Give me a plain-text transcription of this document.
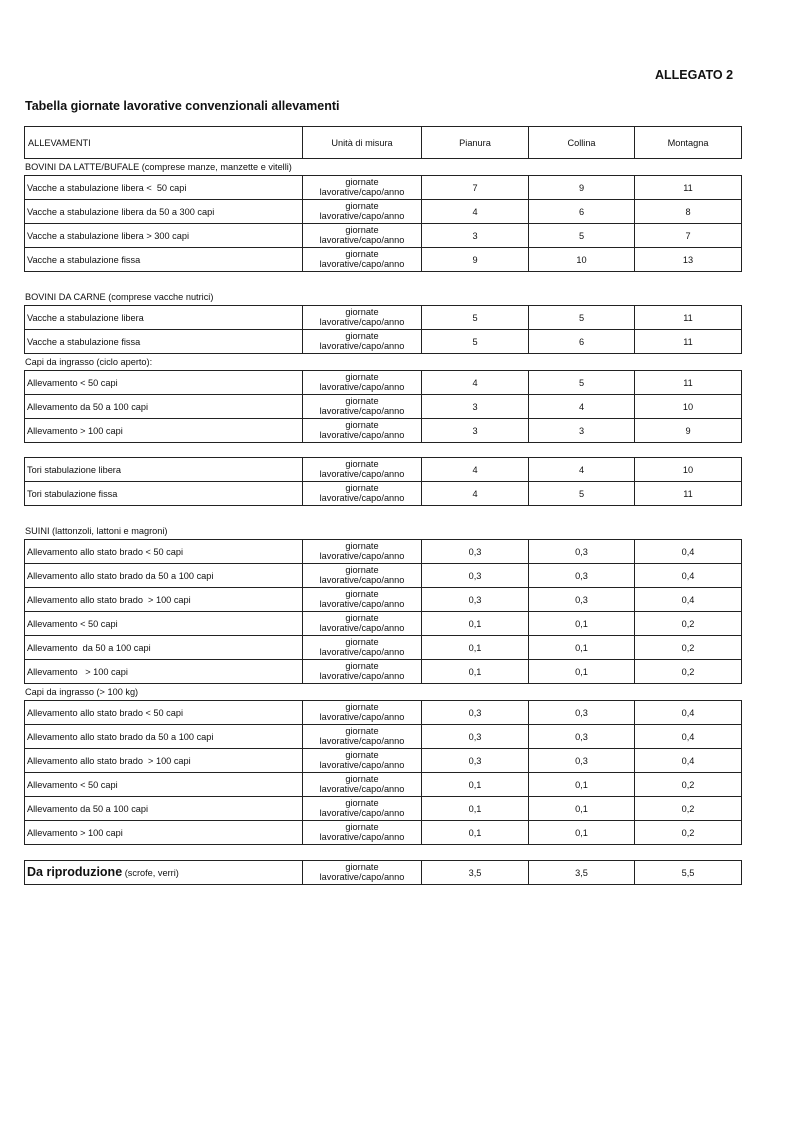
ALLEGATO 2
Tabella giornate lavorative convenzionali allevamenti
ALLEVAMENTI	Unità di misura	Pianura	Collina	Montagna
BOVINI DA LATTE/BUFALE (comprese manze, manzette e vitelli)
Vacche a stabulazione libera <  50 capi	giornate lavorative/capo/anno	7	9	11
Vacche a stabulazione libera da 50 a 300 capi	giornate lavorative/capo/anno	4	6	8
Vacche a stabulazione libera > 300 capi	giornate lavorative/capo/anno	3	5	7
Vacche a stabulazione fissa	giornate lavorative/capo/anno	9	10	13
BOVINI DA CARNE (comprese vacche nutrici)
Vacche a stabulazione libera	giornate lavorative/capo/anno	5	5	11
Vacche a stabulazione fissa	giornate lavorative/capo/anno	5	6	11
Capi da ingrasso (ciclo aperto):
Allevamento < 50 capi	giornate lavorative/capo/anno	4	5	11
Allevamento da 50 a 100 capi	giornate lavorative/capo/anno	3	4	10
Allevamento > 100 capi	giornate lavorative/capo/anno	3	3	9
Tori stabulazione libera	giornate lavorative/capo/anno	4	4	10
Tori stabulazione fissa	giornate lavorative/capo/anno	4	5	11
SUINI (lattonzoli, lattoni e magroni)
Allevamento allo stato brado < 50 capi	giornate lavorative/capo/anno	0,3	0,3	0,4
Allevamento allo stato brado da 50 a 100 capi	giornate lavorative/capo/anno	0,3	0,3	0,4
Allevamento allo stato brado  > 100 capi	giornate lavorative/capo/anno	0,3	0,3	0,4
Allevamento < 50 capi	giornate lavorative/capo/anno	0,1	0,1	0,2
Allevamento  da 50 a 100 capi	giornate lavorative/capo/anno	0,1	0,1	0,2
Allevamento   > 100 capi	giornate lavorative/capo/anno	0,1	0,1	0,2
Capi da ingrasso (> 100 kg)
Allevamento allo stato brado < 50 capi	giornate lavorative/capo/anno	0,3	0,3	0,4
Allevamento allo stato brado da 50 a 100 capi	giornate lavorative/capo/anno	0,3	0,3	0,4
Allevamento allo stato brado  > 100 capi	giornate lavorative/capo/anno	0,3	0,3	0,4
Allevamento < 50 capi	giornate lavorative/capo/anno	0,1	0,1	0,2
Allevamento da 50 a 100 capi	giornate lavorative/capo/anno	0,1	0,1	0,2
Allevamento > 100 capi	giornate lavorative/capo/anno	0,1	0,1	0,2
Da riproduzione (scrofe, verri)	giornate lavorative/capo/anno	3,5	3,5	5,5
